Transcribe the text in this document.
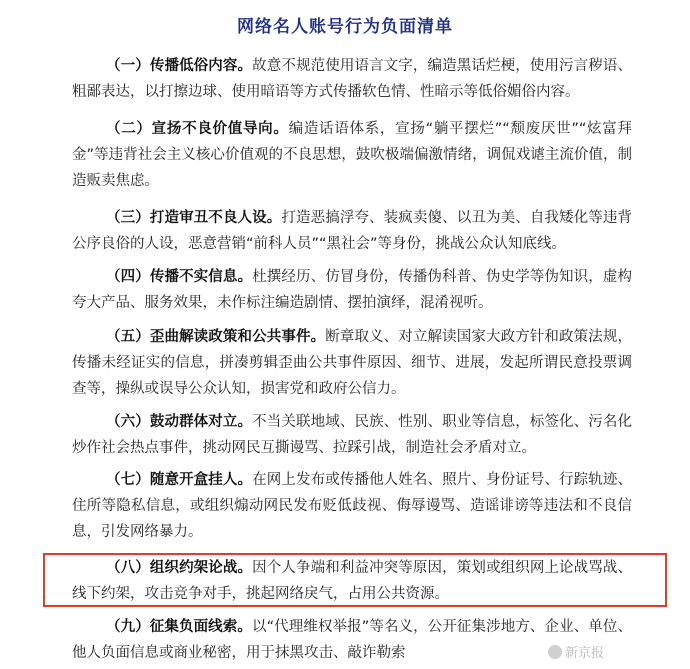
网络名人账号行为负面清单
（一）传播低俗内容。故意不规范使用语言文字，编造黑话烂梗，使用污言秽语、粗鄙表达，以打擦边球、使用暗语等方式传播软色情、性暗示等低俗媚俗内容。
（二）宣扬不良价值导向。编造话语体系，宣扬“躺平摆烂”“颓废厌世”“炫富拜金”等违背社会主义核心价值观的不良思想，鼓吹极端偏激情绪，调侃戏谑主流价值，制造贩卖焦虑。
（三）打造审丑不良人设。打造恶搞浮夸、装疯卖傻、以丑为美、自我矮化等违背公序良俗的人设，恶意营销“前科人员”“黑社会”等身份，挑战公众认知底线。
（四）传播不实信息。杜撰经历、仿冒身份，传播伪科普、伪史学等伪知识，虚构夸大产品、服务效果，未作标注编造剧情、摆拍演绎，混淆视听。
（五）歪曲解读政策和公共事件。断章取义、对立解读国家大政方针和政策法规，传播未经证实的信息，拼凑剪辑歪曲公共事件原因、细节、进展，发起所谓民意投票调查等，操纵或误导公众认知，损害党和政府公信力。
（六）鼓动群体对立。不当关联地域、民族、性别、职业等信息，标签化、污名化炒作社会热点事件，挑动网民互撕谩骂、拉踩引战，制造社会矛盾对立。
（七）随意开盒挂人。在网上发布或传播他人姓名、照片、身份证号、行踪轨迹、住所等隐私信息，或组织煽动网民发布贬低歧视、侮辱谩骂、造谣诽谤等违法和不良信息，引发网络暴力。
（八）组织约架论战。因个人争端和利益冲突等原因，策划或组织网上论战骂战、线下约架，攻击竞争对手，挑起网络戾气，占用公共资源。
（九）征集负面线索。以“代理维权举报”等名义，公开征集涉地方、企业、单位、他人负面信息或商业秘密，用于抹黑攻击、敲诈勒索	新京报
